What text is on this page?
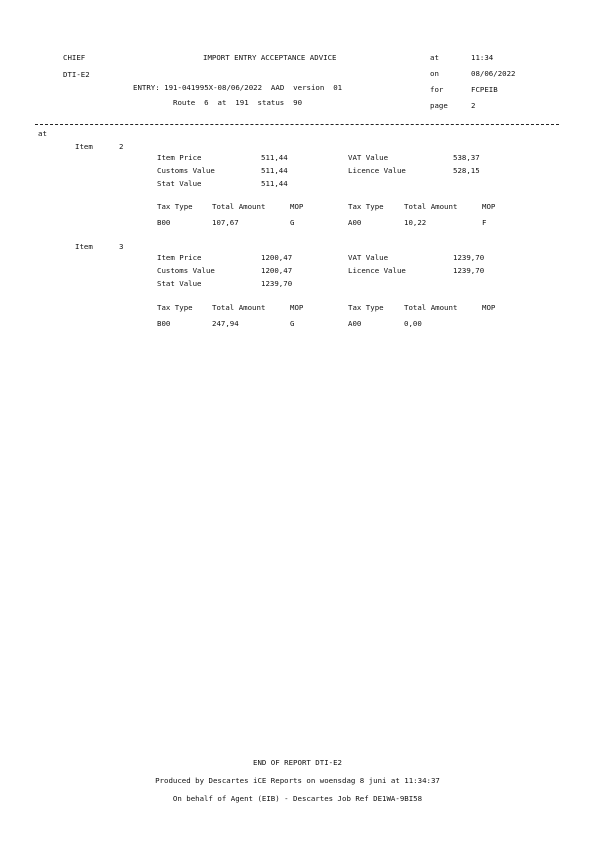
CHIEF
DTI-E2
IMPORT ENTRY ACCEPTANCE ADVICE
ENTRY: 191-041995X-08/06/2022  AAD  version  01
Route  6  at  191  status  90
at	11:34
on	08/06/2022
for	FCPEIB
page	2
at
Item	2
Item Price	511,44
Customs Value	511,44
Stat Value	511,44
VAT Value	538,37
Licence Value	528,15
Tax Type	Total Amount	MOP	Tax Type	Total Amount	MOP
B00	107,67	G	A00	10,22	F
Item	3
Item Price	1200,47
Customs Value	1200,47
Stat Value	1239,70
VAT Value	1239,70
Licence Value	1239,70
Tax Type	Total Amount	MOP	Tax Type	Total Amount	MOP
B00	247,94	G	A00	0,00
END OF REPORT DTI-E2
Produced by Descartes iCE Reports on woensdag 8 juni at 11:34:37
On behalf of Agent (EIB) - Descartes Job Ref DE1WA-9BI58
